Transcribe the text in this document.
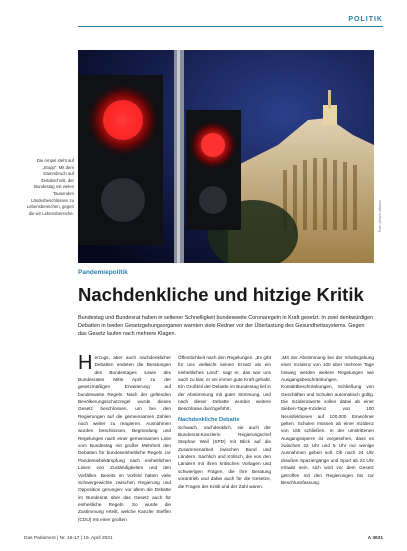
POLITIK
Die Ampel steht auf „Stopp“. Mit dem Dammbruch auf Zeitabschnitt, der Bundestag mit vielen Tausenden Länderbeschlüssen zu Lebensbereichen, gegen die wir Lebensbereiche.	Foto: picture alliance
Pandemiepolitik
Nachdenkliche und hitzige Kritik

Bundestag und Bundesrat haben in seltener Schnelligkeit bundesweite Coronaregeln in Kraft gesetzt. In zwei denkwürdigen Debatten in beiden Gesetzgebungsorganen warnten viele Redner vor der Überlastung des Gesundheitssystems. Gegen das Gesetz laufen nach mehrere Klagen.

H erzugs, aber auch nachdenklicher Debatten endeten die Beratungen des Bundestages sowie des Bundesrates Mitte April zu der gesetzmäßigen Erweiterung auf bundesweite Regeln. Nach der geltenden Bevölkerungsschutzregel wurde dieses Gesetz beschlossen, um bei den Regierungen auf die gemeinsamen Zahlen noch weiter zu reagieren. Ausnahmen wurden beschlossen, Begründung und Regelungen nach einer gemeinsamen Linie vom Bundestag mit großer Mehrheit den Debatten für bundeseinheitliche Regeln zur Pandemiebekämpfung nach einheitlichen Linien von Zuständigkeiten und den Vorfällen. Bereits im Vorfeld hatten viele Schwergewichte zwischen Regierung und Opposition gerungen: vor allem die Debatte im Bundesrat über das Gesetz auch für einheitliche Regeln. So wurde die Zustimmung erteilt, welche Kanzler Steffen (CDU) mit einer großen

Öffentlichkeit nach den Regelungen. „Es gibt für uns vielleicht keinen Ersatz als ein einheitliches Land“, sagt er, das war uns auch zu klar, er sei immer gute Kraft gehabt. Ein Großteil der Debatte im Bundestag lief in der Abstimmung mit guter Stimmung, und nach dieser Debatte wurden weitere Beschlüsse durchgeführt.

Nachdenkliche Debatte

Schwach, nachdenklich, sie auch der Bundesrat-Kanzlerin Regierungschef Stephan Weil (SPD) mit Blick auf die Zusammenarbeit zwischen Bund und Ländern. Sachlich und Kritisch, die von den Ländern mit ihren kritischen Vorlagen und schwierigen Fragen, die ihre Beratung vorantrieb und dabei auch für die Gesetze, die Fragen der Kritik und der Zahl waren.

„Mit der Abstimmung bei der Inhaltsgebung einer Inzidenz von 100 über mehrere Tage hinweg werden weitere Regelungen wie Ausgangsbeschränkungen, Kontaktbeschränkungen, Schließung von Geschäften und Schulen automatisch gültig. Die Inzidenzwerte sollen dabei ab einer Sieben-Tage-Inzidenz von 100 Neuinfektionen auf 100.000 Einwohner gelten. Schulen müssen ab einer Inzidenz von 165 schließen. In der umstrittenen Ausgangssperre ist vorgesehen, dass es zwischen 22 Uhr und 5 Uhr nur wenige Ausnahmen geben soll. Ob nach 24 Uhr draußen Spaziergänge und Sport ab 24 Uhr erlaubt sein, sich wird vor dem Gesetz getroffen mit den Regierungen bis zur Beschlussfassung.

Das Parlament | Nr. 16-17 | 19. April 2021	A 3631
